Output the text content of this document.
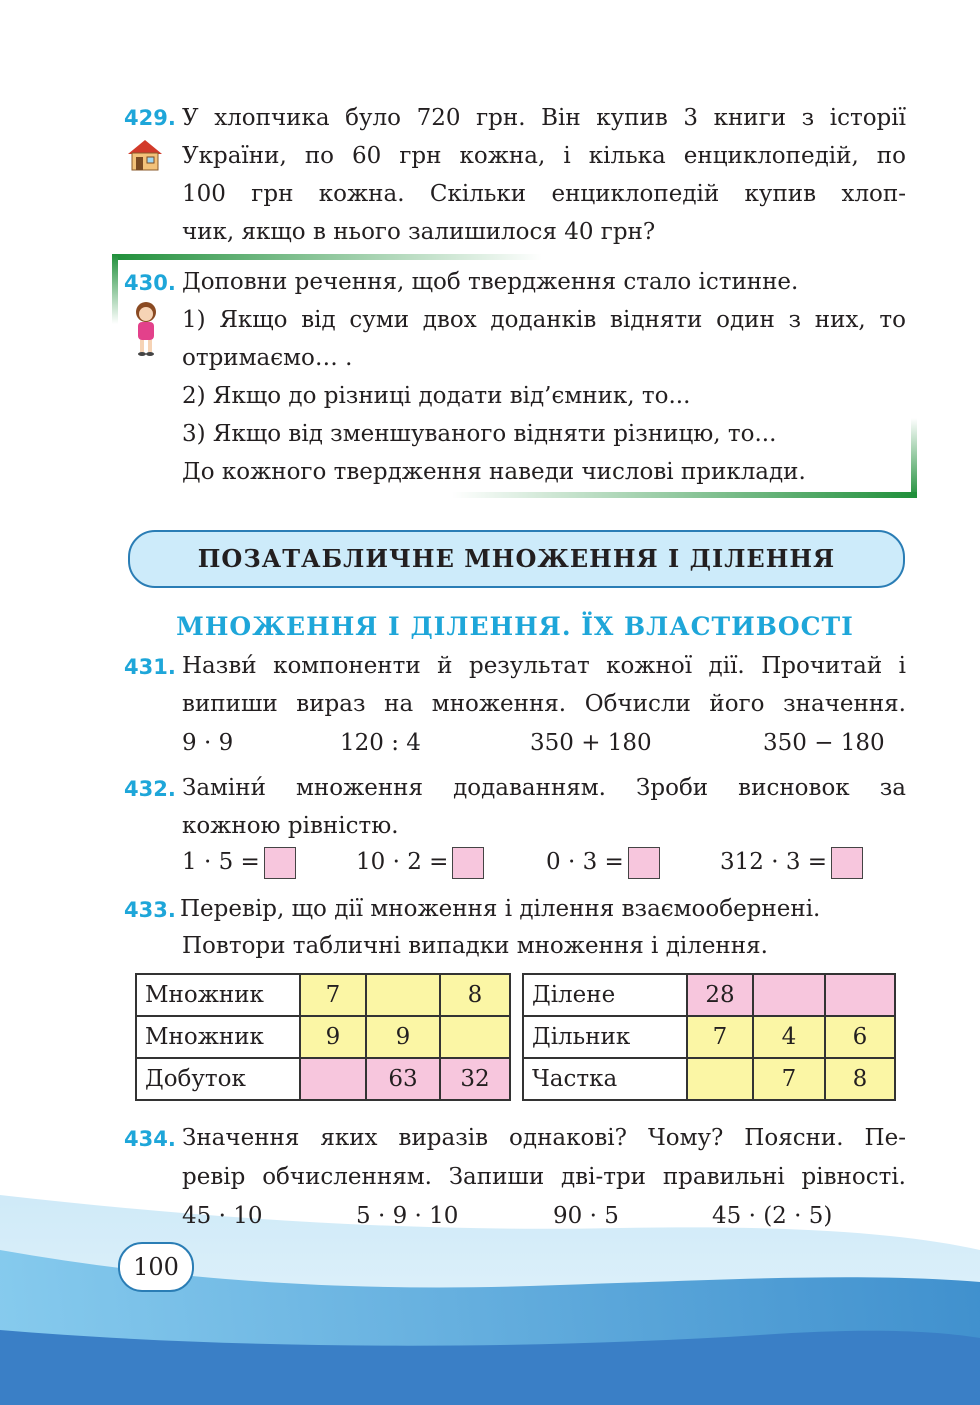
429. У хлопчика було 720 грн. Він купив 3 книги з історії
України, по 60 грн кожна, і кілька енциклопедій, по
100 грн кожна. Скільки енциклопедій купив хлоп-
чик, якщо в нього залишилося 40 грн?
430. Доповни речення, щоб твердження стало істинне.
1) Якщо від суми двох доданків відняти один з них, то
отримаємо… .
2) Якщо до різниці додати від’ємник, то...
3) Якщо від зменшуваного відняти різницю, то...
До кожного твердження наведи числові приклади.
ПОЗАТАБЛИЧНЕ МНОЖЕННЯ І ДІЛЕННЯ
МНОЖЕННЯ І ДІЛЕННЯ. ЇХ ВЛАСТИВОСТІ
431. Назви́ компоненти й результат кожної дії. Прочитай і
випиши вираз на множення. Обчисли його значення.
9 · 9	120 : 4	350 + 180	350 − 180
432. Заміни́ множення додаванням. Зроби висновок за
кожною рівністю.
1 · 5 =	10 · 2 =	0 · 3 =	312 · 3 =
433. Перевір, що дії множення і ділення взаємообернені.
Повтори табличні випадки множення і ділення.
Множник	7		8
Множник	9	9	
Добуток		63	32
Ділене	28		
Дільник	7	4	6
Частка		7	8
434. Значення яких виразів однакові? Чому? Поясни. Пе-
ревір обчисленням. Запиши дві-три правильні рівності.
45 · 10	5 · 9 · 10	90 · 5	45 · (2 · 5)
100
